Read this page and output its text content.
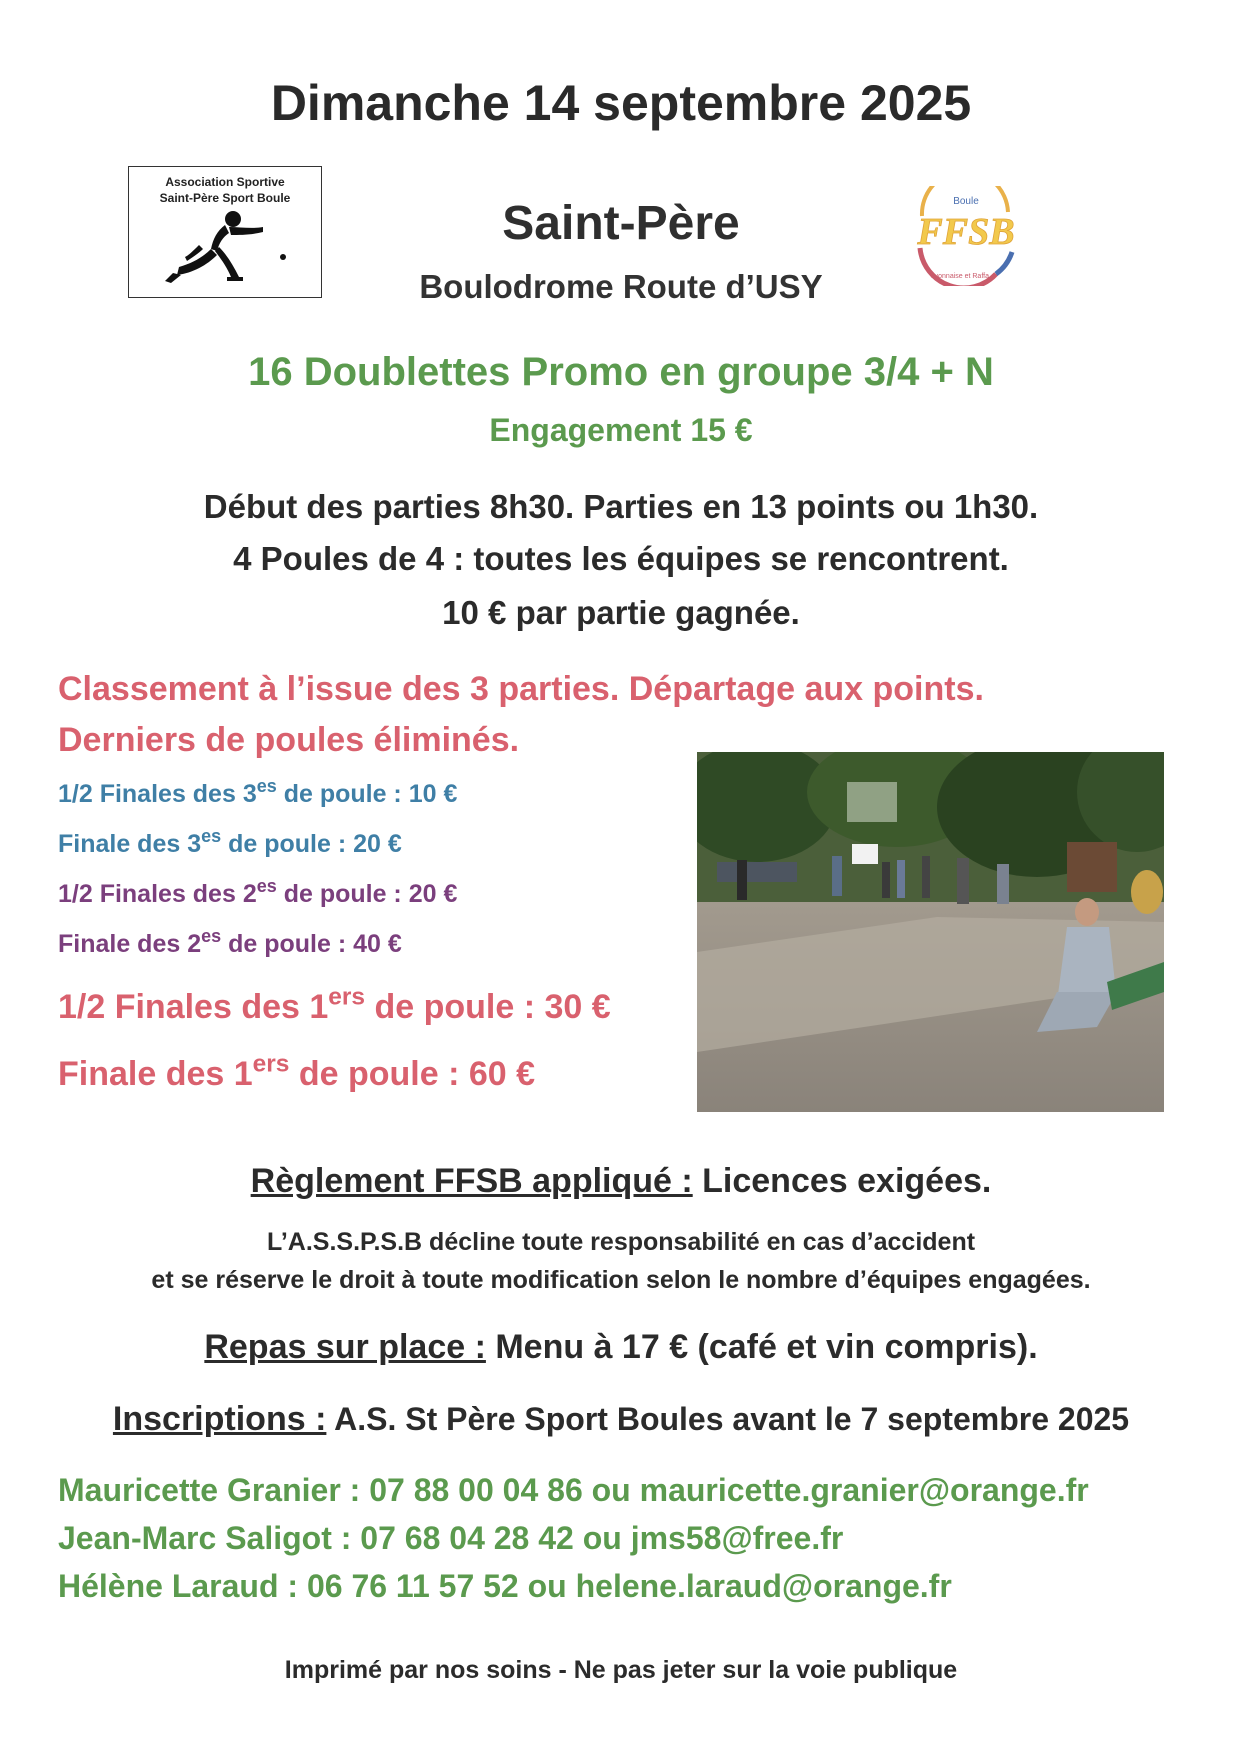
Dimanche 14 septembre 2025
Association Sportive
Saint-Père Sport Boule	Saint-Père
Boulodrome Route d’USY
Boule
FFSB
Lyonnaise et Raffa
16 Doublettes Promo en groupe 3/4 + N
Engagement 15 €
Début des parties 8h30. Parties en 13 points ou 1h30.
4 Poules de 4 : toutes les équipes se rencontrent.
10 € par partie gagnée.
Classement à l’issue des 3 parties. Départage aux points.
Derniers de poules éliminés.
1/2 Finales des $3^{es}$ de poule : 10 €
Finale des $3^{es}$ de poule : 20 €
1/2 Finales des $2^{es}$ de poule : 20 €
Finale des $2^{es}$ de poule : 40 €
1/2 Finales des 1ers de poule : 30 €
Finale des 1ers de poule : 60 €
Règlement FFSB appliqué : Licences exigées.
L’A.S.S.P.S.B décline toute responsabilité en cas d’accident
et se réserve le droit à toute modification selon le nombre d’équipes engagées.
Repas sur place : Menu à 17 € (café et vin compris).
Inscriptions : A.S. St Père Sport Boules avant le 7 septembre 2025
Mauricette Granier : 07 88 00 04 86 ou mauricette.granier@orange.fr
Jean-Marc Saligot : 07 68 04 28 42 ou jms58@free.fr
Hélène Laraud : 06 76 11 57 52 ou helene.laraud@orange.fr
Imprimé par nos soins - Ne pas jeter sur la voie publique
